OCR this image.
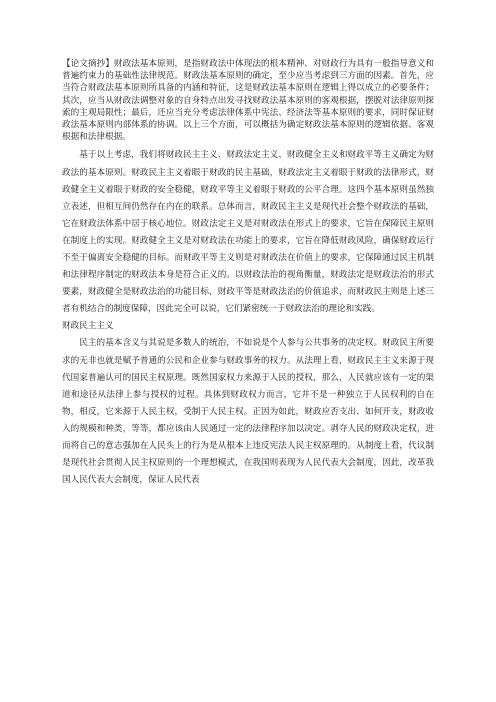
【论文摘抄】财政法基本原则，是指财政法中体现法的根本精神、对财政行为具有一般指导意义和普遍约束力的基础性法律规范。财政法基本原则的确定，至少应当考虑到三方面的因素。首先，应当符合财政法基本原则所具备的内涵和特征，这是财政法基本原则在逻辑上得以成立的必要条件；其次，应当从财政法调整对象的自身特点出发寻找财政法基本原则的客观根据，摆脱对法律原则探索的主观局限性；最后，还应当充分考虑法律体系中宪法、经济法等基本原则的要求，同时保证财政法基本原则内部体系的协调。以上三个方面，可以概括为确定财政法基本原则的逻辑依据、客观根据和法律根据。

基于以上考虑，我们将财政民主主义、财政法定主义、财政健全主义和财政平等主义确定为财政法的基本原则。财政民主主义着眼于财政的民主基础，财政法定主义着眼于财政的法律形式，财政健全主义着眼于财政的安全稳健，财政平等主义着眼于财政的公平合理。这四个基本原则虽然独立表述，但相互间仍然存在内在的联系。总体而言，财政民主主义是现代社会整个财政法的基础，它在财政法体系中居于核心地位。财政法定主义是对财政法在形式上的要求，它旨在保障民主原则在制度上的实现。财政健全主义是对财政法在功能上的要求，它旨在降低财政风险，确保财政运行不至于偏离安全稳健的目标。而财政平等主义则是对财政法在价值上的要求，它保障通过民主机制和法律程序制定的财政法本身是符合正义的。以财政法治的视角衡量，财政法定是财政法治的形式要素，财政健全是财政法治的功能目标，财政平等是财政法治的价值追求，而财政民主则是上述三者有机结合的制度保障，因此完全可以说，它们紧密统一于财政法治的理论和实践。

财政民主主义

民主的基本含义与其说是多数人的统治，不如说是个人参与公共事务的决定权。财政民主所要求的无非也就是赋予普通的公民和企业参与财政事务的权力。从法理上看，财政民主主义来源于现代国家普遍认可的国民主权原理。既然国家权力来源于人民的授权，那么，人民就应该有一定的渠道和途径从法律上参与授权的过程。具体到财政权力而言，它并不是一种独立于人民权利的自在物，相反，它来源于人民主权，受制于人民主权。正因为如此，财政应否支出、如何开支，财政收入的规模和种类，等等，都应该由人民通过一定的法律程序加以决定。剥夺人民的财政决定权，进而将自己的意志强加在人民头上的行为是从根本上违反宪法人民主权原理的。从制度上看，代议制是现代社会贯彻人民主权原则的一个理想模式，在我国则表现为人民代表大会制度，因此，改革我国人民代表大会制度，保证人民代表
